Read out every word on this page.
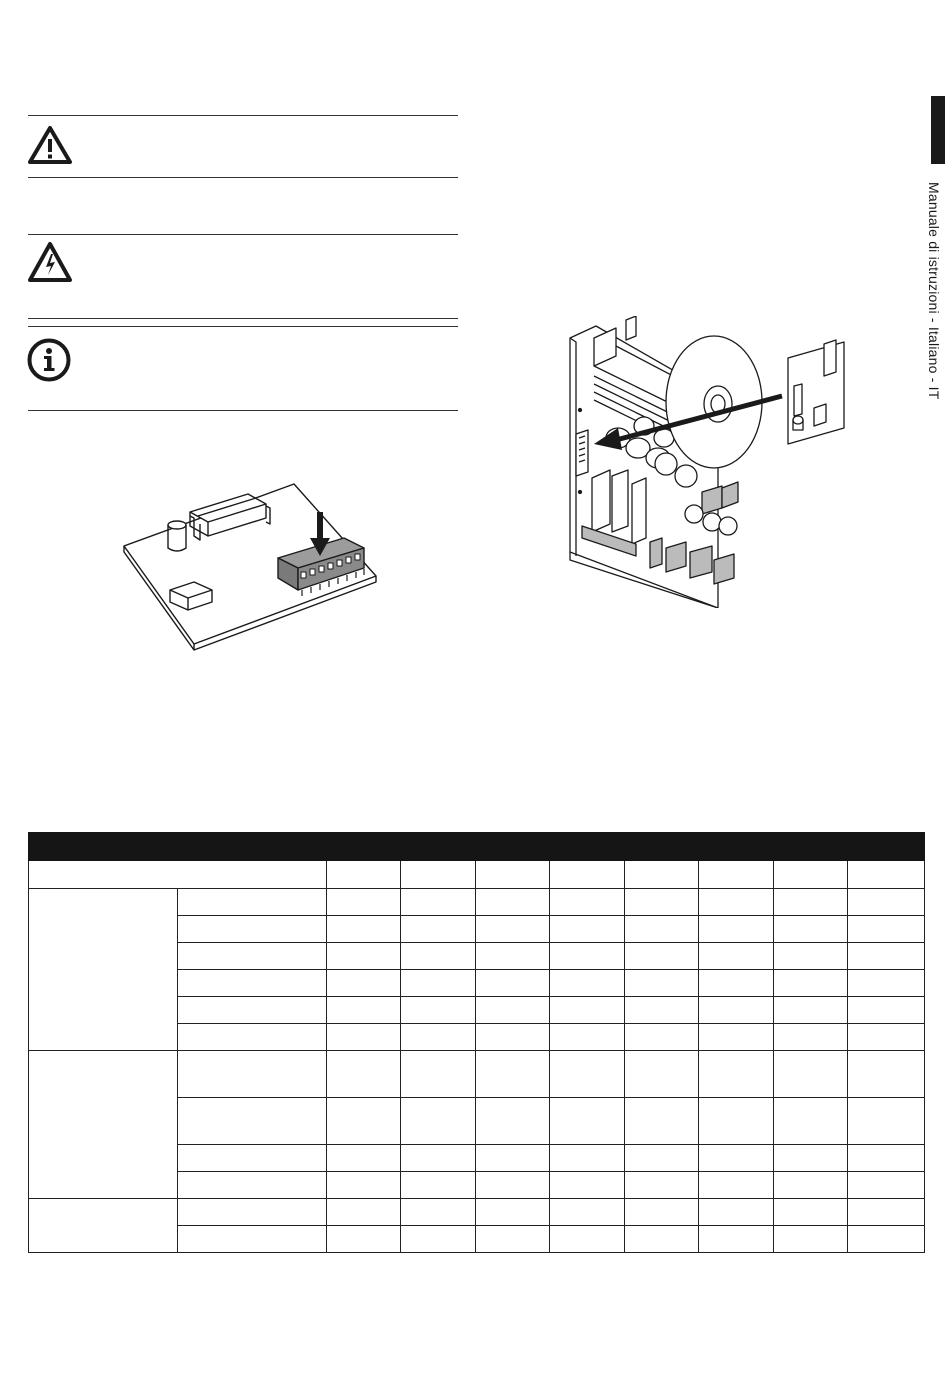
Manuale di istruzioni - Italiano - IT
